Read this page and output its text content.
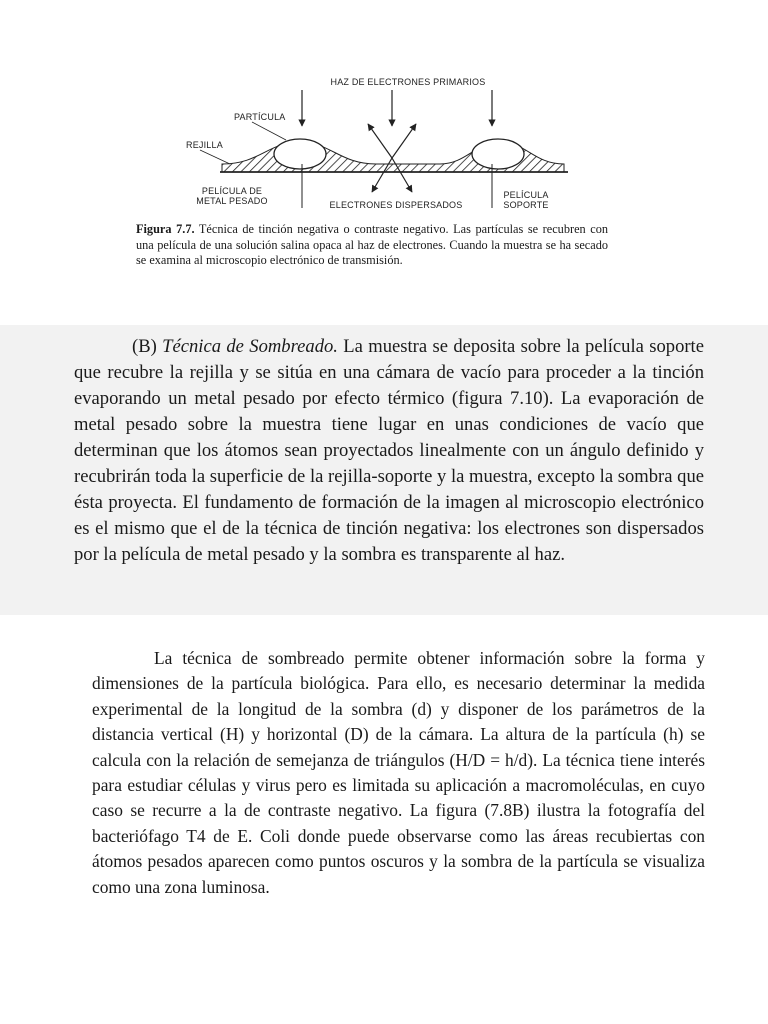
HAZ DE ELECTRONES PRIMARIOS
PARTÍCULA
REJILLA
PELÍCULA DE
METAL PESADO	ELECTRONES DISPERSADOS
PELÍCULA
SOPORTE
Figura 7.7. Técnica de tinción negativa o contraste negativo. Las partículas se recubren con una película de una solución salina opaca al haz de electrones. Cuando la muestra se ha secado se examina al microscopio electrónico de transmisión.
(B) Técnica de Sombreado. La muestra se deposita sobre la película soporte que recubre la rejilla y se sitúa en una cámara de vacío para proceder a la tinción evaporando un metal pesado por efecto térmico (figura 7.10). La evaporación de metal pesado sobre la muestra tiene lugar en unas condiciones de vacío que determinan que los átomos sean proyectados linealmente con un ángulo definido y recubrirán toda la superficie de la rejilla-soporte y la muestra, excepto la sombra que ésta proyecta. El fundamento de formación de la imagen al microscopio electrónico es el mismo que el de la técnica de tinción negativa: los electrones son dispersados por la película de metal pesado y la sombra es transparente al haz.
La técnica de sombreado permite obtener información sobre la forma y dimensiones de la partícula biológica. Para ello, es necesario determinar la medida experimental de la longitud de la sombra (d) y disponer de los parámetros de la distancia vertical (H) y horizontal (D) de la cámara. La altura de la partícula (h) se calcula con la relación de semejanza de triángulos (H/D = h/d). La técnica tiene interés para estudiar células y virus pero es limitada su aplicación a macromoléculas, en cuyo caso se recurre a la de contraste negativo. La figura (7.8B) ilustra la fotografía del bacteriófago T4 de E. Coli donde puede observarse como las áreas recubiertas con átomos pesados aparecen como puntos oscuros y la sombra de la partícula se visualiza como una zona luminosa.
